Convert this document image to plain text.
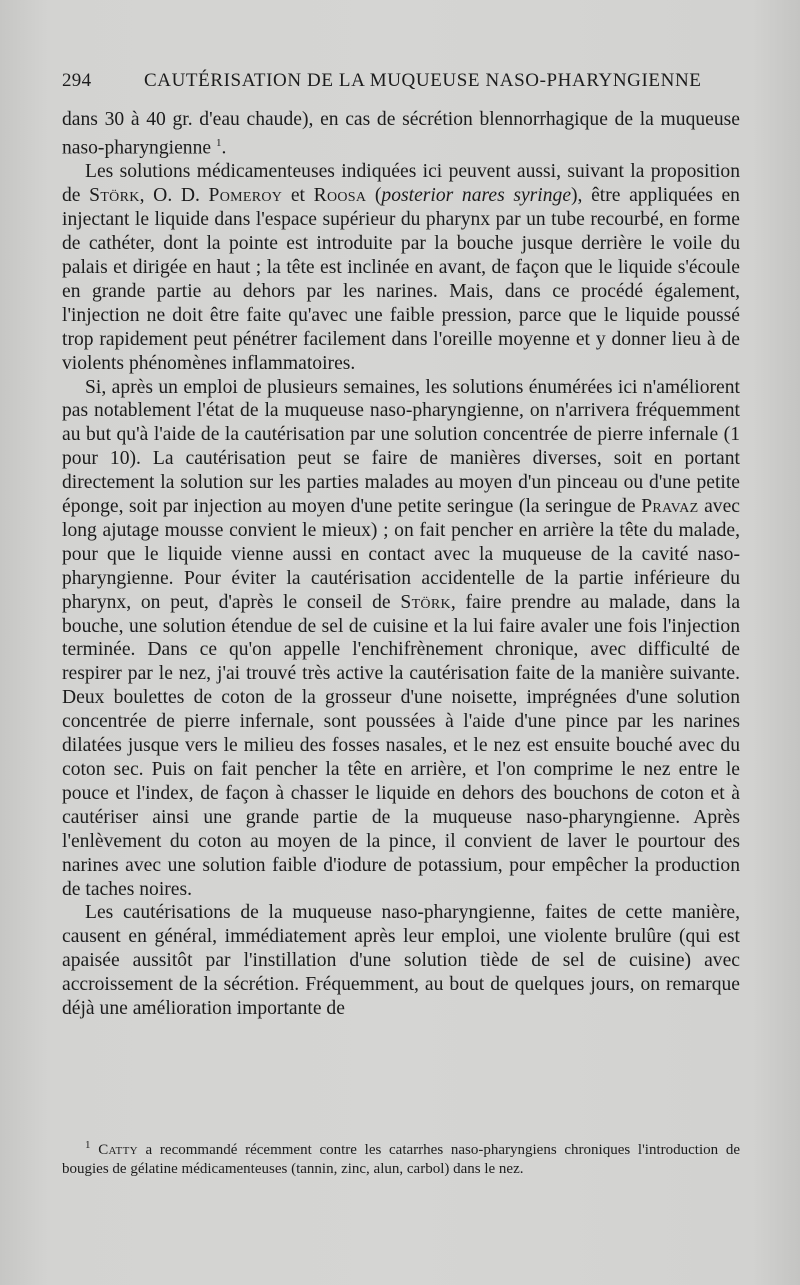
294	CAUTÉRISATION DE LA MUQUEUSE NASO-PHARYNGIENNE

dans 30 à 40 gr. d'eau chaude), en cas de sécrétion blennorrhagique de la muqueuse naso-pharyngienne $^1$.

Les solutions médicamenteuses indiquées ici peuvent aussi, suivant la proposition de Störk, O. D. Pomeroy et Roosa (posterior nares syringe), être appliquées en injectant le liquide dans l'espace supérieur du pharynx par un tube recourbé, en forme de cathéter, dont la pointe est introduite par la bouche jusque derrière le voile du palais et dirigée en haut ; la tête est inclinée en avant, de façon que le liquide s'écoule en grande partie au dehors par les narines. Mais, dans ce procédé également, l'injection ne doit être faite qu'avec une faible pression, parce que le liquide poussé trop rapidement peut pénétrer facilement dans l'oreille moyenne et y donner lieu à de violents phénomènes inflammatoires.

Si, après un emploi de plusieurs semaines, les solutions énumérées ici n'améliorent pas notablement l'état de la muqueuse naso-pharyngienne, on n'arrivera fréquemment au but qu'à l'aide de la cautérisation par une solution concentrée de pierre infernale (1 pour 10). La cautérisation peut se faire de manières diverses, soit en portant directement la solution sur les parties malades au moyen d'un pinceau ou d'une petite éponge, soit par injection au moyen d'une petite seringue (la seringue de Pravaz avec long ajutage mousse convient le mieux) ; on fait pencher en arrière la tête du malade, pour que le liquide vienne aussi en contact avec la muqueuse de la cavité naso-pharyngienne. Pour éviter la cautérisation accidentelle de la partie inférieure du pharynx, on peut, d'après le conseil de Störk, faire prendre au malade, dans la bouche, une solution étendue de sel de cuisine et la lui faire avaler une fois l'injection terminée. Dans ce qu'on appelle l'enchifrènement chronique, avec difficulté de respirer par le nez, j'ai trouvé très active la cautérisation faite de la manière suivante. Deux boulettes de coton de la grosseur d'une noisette, imprégnées d'une solution concentrée de pierre infernale, sont poussées à l'aide d'une pince par les narines dilatées jusque vers le milieu des fosses nasales, et le nez est ensuite bouché avec du coton sec. Puis on fait pencher la tête en arrière, et l'on comprime le nez entre le pouce et l'index, de façon à chasser le liquide en dehors des bouchons de coton et à cautériser ainsi une grande partie de la muqueuse naso-pharyngienne. Après l'enlèvement du coton au moyen de la pince, il convient de laver le pourtour des narines avec une solution faible d'iodure de potassium, pour empêcher la production de taches noires.

Les cautérisations de la muqueuse naso-pharyngienne, faites de cette manière, causent en général, immédiatement après leur emploi, une violente brulûre (qui est apaisée aussitôt par l'instillation d'une solution tiède de sel de cuisine) avec accroissement de la sécrétion. Fréquemment, au bout de quelques jours, on remarque déjà une amélioration importante de

$^1$ Catty a recommandé récemment contre les catarrhes naso-pharyngiens chroniques l'introduction de bougies de gélatine médicamenteuses (tannin, zinc, alun, carbol) dans le nez.
